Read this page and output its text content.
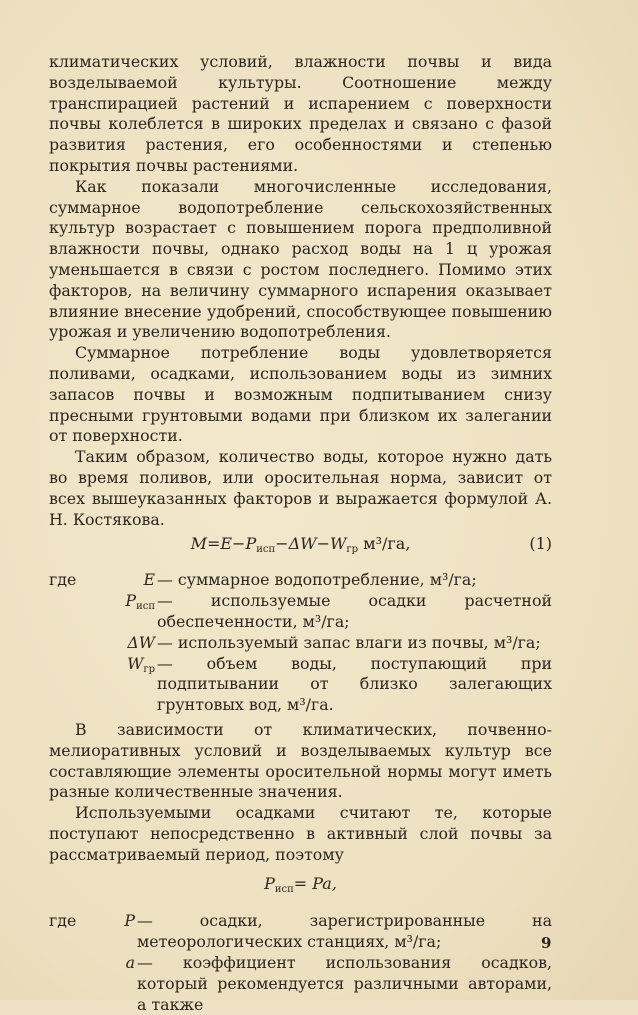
климатических условий, влажности почвы и вида возделываемой культуры. Соотношение между транспирацией растений и испарением с поверхности почвы колеблется в широких пределах и связано с фазой развития растения, его особенностями и степенью покрытия почвы растениями.

Как показали многочисленные исследования, суммарное водопотребление сельскохозяйственных культур возрастает с повышением порога предполивной влажности почвы, однако расход воды на 1 ц урожая уменьшается в связи с ростом последнего. Помимо этих факторов, на величину суммарного испарения оказывает влияние внесение удобрений, способствующее повышению урожая и увеличению водопотребления.

Суммарное потребление воды удовлетворяется поливами, осадками, использованием воды из зимних запасов почвы и возможным подпитыванием снизу пресными грунтовыми водами при близком их залегании от поверхности.

Таким образом, количество воды, которое нужно дать во время поливов, или оросительная норма, зависит от всех вышеуказанных факторов и выражается формулой А. Н. Костякова.

$M=E-P_{исп}-\Delta W-W_{гр}$ м³/га,	(1)
где	E — суммарное водопотребление, м³/га;
$P_{исп}$ — используемые осадки расчетной обеспеченности, м³/га;
ΔW — используемый запас влаги из почвы, м³/га;
$W_{гр}$ — объем воды, поступающий при подпитывании от близко залегающих грунтовых вод, м³/га.

В зависимости от климатических, почвенно-мелиоративных условий и возделываемых культур все составляющие элементы оросительной нормы могут иметь разные количественные значения.

Используемыми осадками считают те, которые поступают непосредственно в активный слой почвы за рассматриваемый период, поэтому

$P_{исп}= Pa$,
где	P — осадки, зарегистрированные на метеорологических станциях, м³/га;
a — коэффициент использования осадков, который рекомендуется различными авторами, а также
9
